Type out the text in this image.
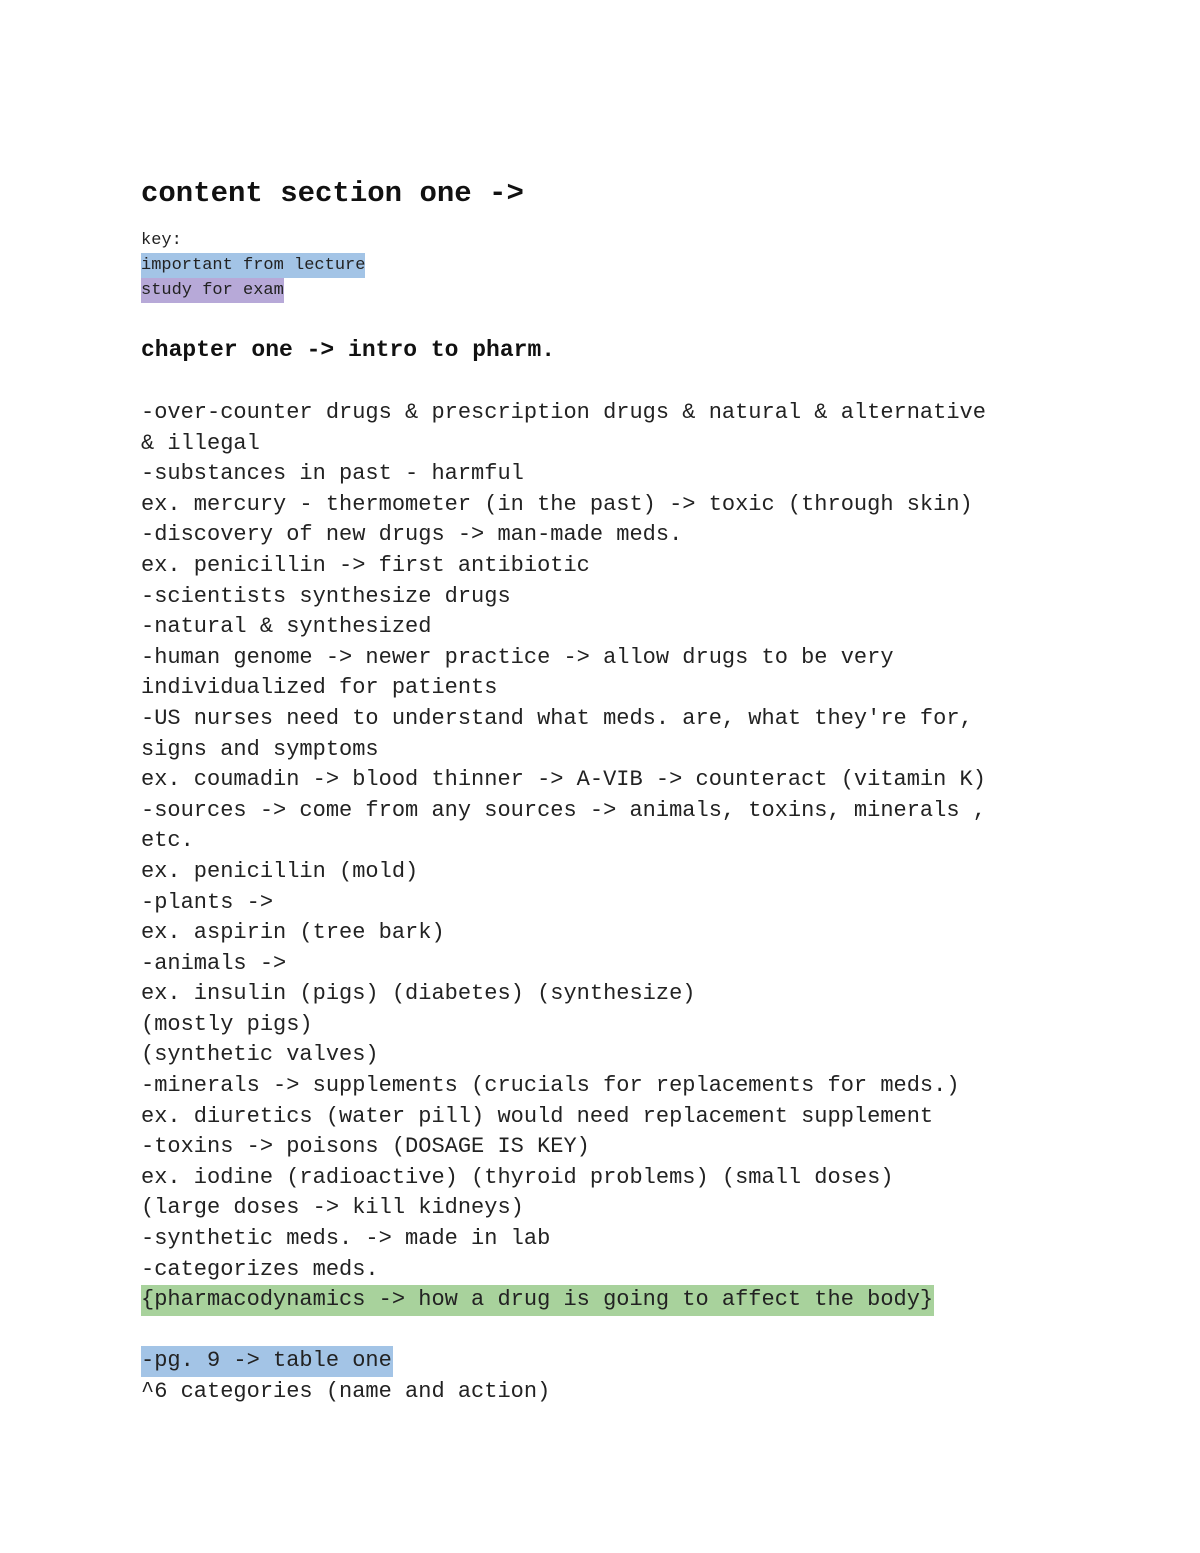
content section one ->
key:
important from lecture
study for exam
chapter one -> intro to pharm.
-over-counter drugs & prescription drugs & natural & alternative
& illegal
-substances in past - harmful
ex. mercury - thermometer (in the past) -> toxic (through skin)
-discovery of new drugs -> man-made meds.
ex. penicillin -> first antibiotic
-scientists synthesize drugs
-natural & synthesized
-human genome -> newer practice -> allow drugs to be very
individualized for patients
-US nurses need to understand what meds. are, what they're for,
signs and symptoms
ex. coumadin -> blood thinner -> A-VIB -> counteract (vitamin K)
-sources -> come from any sources -> animals, toxins, minerals ,
etc.
ex. penicillin (mold)
-plants ->
ex. aspirin (tree bark)
-animals ->
ex. insulin (pigs) (diabetes) (synthesize)
(mostly pigs)
(synthetic valves)
-minerals -> supplements (crucials for replacements for meds.)
ex. diuretics (water pill) would need replacement supplement
-toxins -> poisons (DOSAGE IS KEY)
ex. iodine (radioactive) (thyroid problems) (small doses)
(large doses -> kill kidneys)
-synthetic meds. -> made in lab
-categorizes meds.
{pharmacodynamics -> how a drug is going to affect the body}
-pg. 9 -> table one
^6 categories (name and action)
